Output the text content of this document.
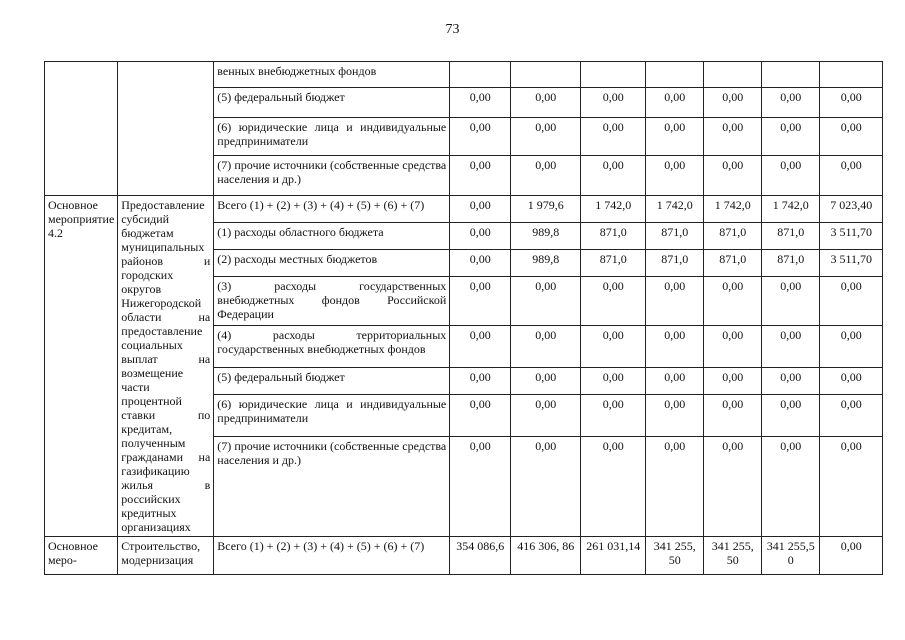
73
		венных внебюджетных фондов							
		(5) федеральный бюджет	0,00	0,00	0,00	0,00	0,00	0,00	0,00
		(6) юридические лица и индивидуальные предприниматели	0,00	0,00	0,00	0,00	0,00	0,00	0,00
		(7) прочие источники (собственные средства населения и др.)	0,00	0,00	0,00	0,00	0,00	0,00	0,00
Основное мероприятие 4.2	Предоставление субсидий бюджетам муниципальных районов и городских округов Нижегородской области на предоставление социальных выплат на возмещение части процентной ставки по кредитам, полученным гражданами на газификацию жилья в российских кредитных организациях	Всего (1) + (2) + (3) + (4) + (5) + (6) + (7)	0,00	1 979,6	1 742,0	1 742,0	1 742,0	1 742,0	7 023,40
		(1) расходы областного бюджета	0,00	989,8	871,0	871,0	871,0	871,0	3 511,70
		(2) расходы местных бюджетов	0,00	989,8	871,0	871,0	871,0	871,0	3 511,70
		(3) расходы государственных внебюджетных фондов Российской Федерации	0,00	0,00	0,00	0,00	0,00	0,00	0,00
		(4) расходы территориальных государственных внебюджетных фондов	0,00	0,00	0,00	0,00	0,00	0,00	0,00
		(5) федеральный бюджет	0,00	0,00	0,00	0,00	0,00	0,00	0,00
		(6) юридические лица и индивидуальные предприниматели	0,00	0,00	0,00	0,00	0,00	0,00	0,00
		(7) прочие источники (собственные средства населения и др.)	0,00	0,00	0,00	0,00	0,00	0,00	0,00
Основное меро-	Строительство, модернизация	Всего (1) + (2) + (3) + (4) + (5) + (6) + (7)	354 086,6	416 306, 86	261 031,14	341 255, 50	341 255, 50	341 255,5 0	0,00
